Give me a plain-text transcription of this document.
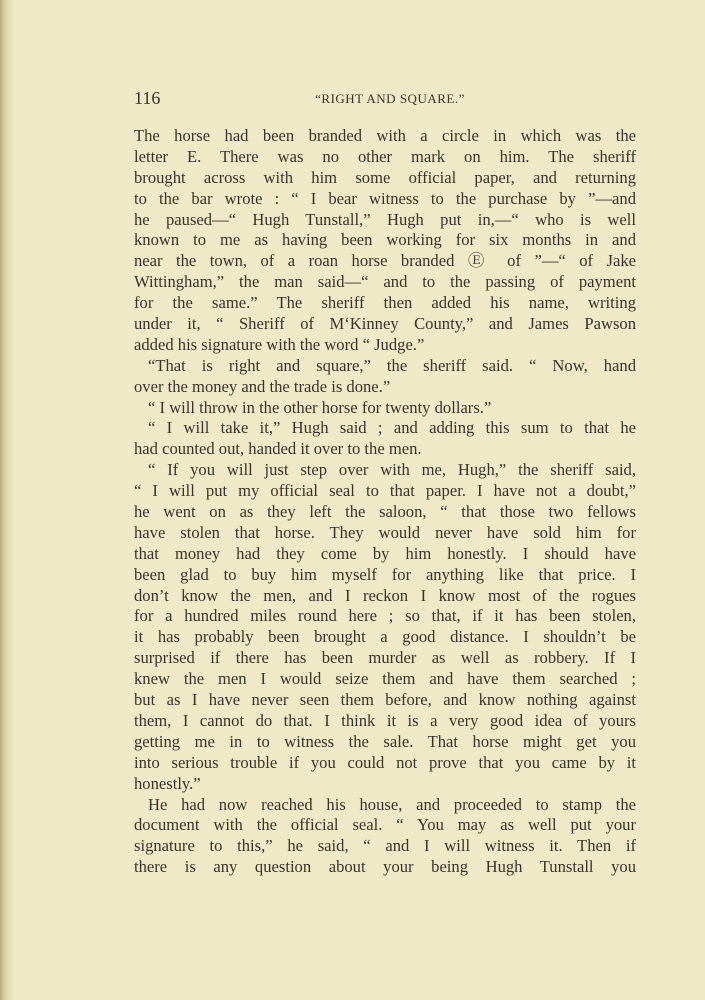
116	“RIGHT AND SQUARE.”
The horse had been branded with a circle in which was the
letter E. There was no other mark on him. The sheriff
brought across with him some official paper, and returning
to the bar wrote : “ I bear witness to the purchase by ”—and
he paused—“ Hugh Tunstall,” Hugh put in,—“ who is well
known to me as having been working for six months in and
near the town, of a roan horse branded Ⓔ of ”—“ of Jake
Wittingham,” the man said—“ and to the passing of payment
for the same.” The sheriff then added his name, writing
under it, “ Sheriff of M‘Kinney County,” and James Pawson
added his signature with the word “ Judge.”
“That is right and square,” the sheriff said. “ Now, hand
over the money and the trade is done.”
“ I will throw in the other horse for twenty dollars.”
“ I will take it,” Hugh said ; and adding this sum to that he
had counted out, handed it over to the men.
“ If you will just step over with me, Hugh,” the sheriff said,
“ I will put my official seal to that paper. I have not a doubt,”
he went on as they left the saloon, “ that those two fellows
have stolen that horse. They would never have sold him for
that money had they come by him honestly. I should have
been glad to buy him myself for anything like that price. I
don’t know the men, and I reckon I know most of the rogues
for a hundred miles round here ; so that, if it has been stolen,
it has probably been brought a good distance. I shouldn’t be
surprised if there has been murder as well as robbery. If I
knew the men I would seize them and have them searched ;
but as I have never seen them before, and know nothing against
them, I cannot do that. I think it is a very good idea of yours
getting me in to witness the sale. That horse might get you
into serious trouble if you could not prove that you came by it
honestly.”
He had now reached his house, and proceeded to stamp the
document with the official seal. “ You may as well put your
signature to this,” he said, “ and I will witness it. Then if
there is any question about your being Hugh Tunstall you
